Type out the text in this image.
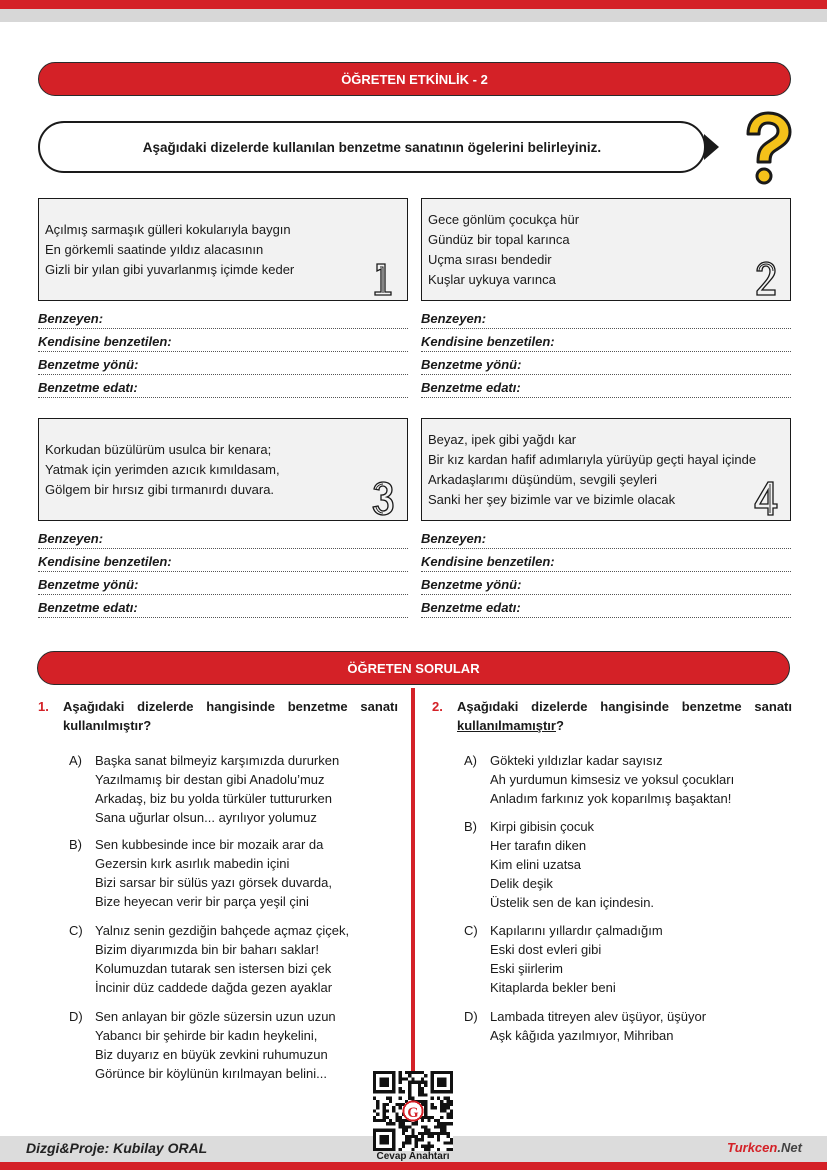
ÖĞRETEN ETKİNLİK - 2
Aşağıdaki dizelerde kullanılan benzetme sanatının ögelerini belirleyiniz.
Açılmış sarmaşık gülleri kokularıyla baygın
En görkemli saatinde yıldız alacasının
Gizli bir yılan gibi yuvarlanmış içimde keder
1
Gece gönlüm çocukça hür
Gündüz bir topal karınca
Uçma sırası bendedir
Kuşlar uykuya varınca
Korkudan büzülürüm usulca bir kenara;
Yatmak için yerimden azıcık kımıldasam,
Gölgem bir hırsız gibi tırmanırdı duvara.
Beyaz, ipek gibi yağdı kar
Bir kız kardan hafif adımlarıyla yürüyüp geçti hayal içinde
Arkadaşlarımı düşündüm, sevgili şeyleri
Sanki her şey bizimle var ve bizimle olacak
Benzeyen:
Kendisine benzetilen:
Benzetme yönü:
Benzetme edatı:
Benzeyen:
Kendisine benzetilen:
Benzetme yönü:
Benzetme edatı:
Benzeyen:
Kendisine benzetilen:
Benzetme yönü:
Benzetme edatı:
Benzeyen:
Kendisine benzetilen:
Benzetme yönü:
Benzetme edatı:
ÖĞRETEN SORULAR
1.	Aşağıdaki dizelerde hangisinde benzetme sanatı kullanılmıştır?
A) Başka sanat bilmeyiz karşımızda dururken
Yazılmamış bir destan gibi Anadolu’muz
Arkadaş, biz bu yolda türküler tuttururken
Sana uğurlar olsun... ayrılıyor yolumuz
B) Sen kubbesinde ince bir mozaik arar da
Gezersin kırk asırlık mabedin içini
Bizi sarsar bir sülüs yazı görsek duvarda,
Bize heyecan verir bir parça yeşil çini
C) Yalnız senin gezdiğin bahçede açmaz çiçek,
Bizim diyarımızda bin bir baharı saklar!
Kolumuzdan tutarak sen istersen bizi çek
İncinir düz caddede dağda gezen ayaklar
D) Sen anlayan bir gözle süzersin uzun uzun
Yabancı bir şehirde bir kadın heykelini,
Biz duyarız en büyük zevkini ruhumuzun
Görünce bir köylünün kırılmayan belini...
2.	Aşağıdaki dizelerde hangisinde benzetme sanatı kullanılmamıştır?
A) Gökteki yıldızlar kadar sayısız
Ah yurdumun kimsesiz ve yoksul çocukları
Anladım farkınız yok koparılmış başaktan!
B) Kirpi gibisin çocuk
Her tarafın diken
Kim elini uzatsa
Delik deşik
Üstelik sen de kan içindesin.
C) Kapılarını yıllardır çalmadığım
Eski dost evleri gibi
Eski şiirlerim
Kitaplarda bekler beni
D) Lambada titreyen alev üşüyor, üşüyor
Aşk kâğıda yazılmıyor, Mihriban
Dizgi&Proje: Kubilay ORAL	Turkcen.Net
G
Cevap Anahtarı
